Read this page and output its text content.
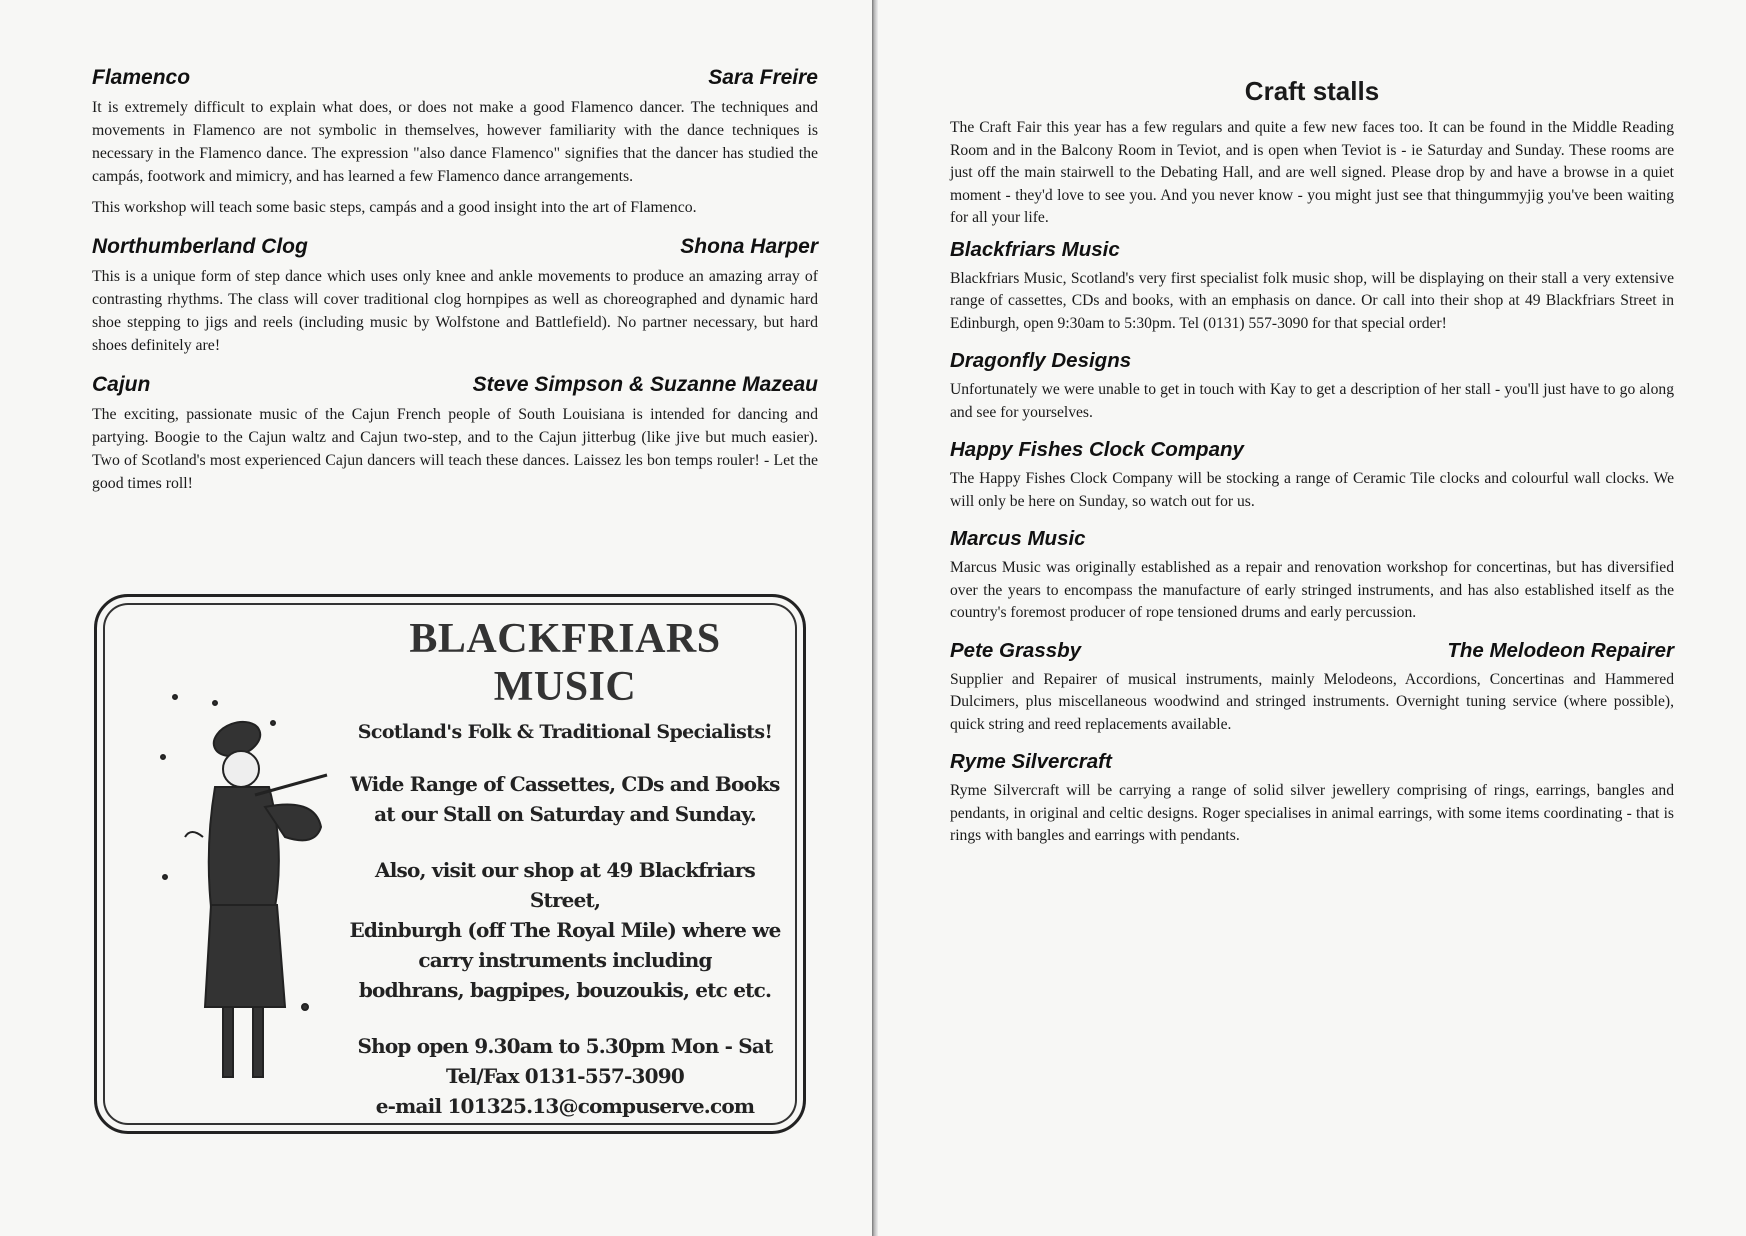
Flamenco	Sara Freire

It is extremely difficult to explain what does, or does not make a good Flamenco dancer. The techniques and movements in Flamenco are not symbolic in themselves, however familiarity with the dance techniques is necessary in the Flamenco dance. The expression "also dance Flamenco" signifies that the dancer has studied the campás, footwork and mimicry, and has learned a few Flamenco dance arrangements.

This workshop will teach some basic steps, campás and a good insight into the art of Flamenco.

Northumberland Clog	Shona Harper

This is a unique form of step dance which uses only knee and ankle movements to produce an amazing array of contrasting rhythms. The class will cover traditional clog hornpipes as well as choreographed and dynamic hard shoe stepping to jigs and reels (including music by Wolfstone and Battlefield). No partner necessary, but hard shoes definitely are!

Cajun	Steve Simpson & Suzanne Mazeau

The exciting, passionate music of the Cajun French people of South Louisiana is intended for dancing and partying. Boogie to the Cajun waltz and Cajun two-step, and to the Cajun jitterbug (like jive but much easier). Two of Scotland's most experienced Cajun dancers will teach these dances. Laissez les bon temps rouler! - Let the good times roll!

BLACKFRIARS MUSIC
Scotland's Folk & Traditional Specialists!
Wide Range of Cassettes, CDs and Books
at our Stall on Saturday and Sunday.
Also, visit our shop at 49 Blackfriars Street,
Edinburgh (off The Royal Mile) where we
carry instruments including
bodhrans, bagpipes, bouzoukis, etc etc.
Shop open 9.30am to 5.30pm Mon - Sat
Tel/Fax 0131-557-3090
e-mail 101325.13@compuserve.com
Craft stalls

The Craft Fair this year has a few regulars and quite a few new faces too. It can be found in the Middle Reading Room and in the Balcony Room in Teviot, and is open when Teviot is - ie Saturday and Sunday. These rooms are just off the main stairwell to the Debating Hall, and are well signed. Please drop by and have a browse in a quiet moment - they'd love to see you. And you never know - you might just see that thingummyjig you've been waiting for all your life.

Blackfriars Music

Blackfriars Music, Scotland's very first specialist folk music shop, will be displaying on their stall a very extensive range of cassettes, CDs and books, with an emphasis on dance. Or call into their shop at 49 Blackfriars Street in Edinburgh, open 9:30am to 5:30pm. Tel (0131) 557-3090 for that special order!

Dragonfly Designs

Unfortunately we were unable to get in touch with Kay to get a description of her stall - you'll just have to go along and see for yourselves.

Happy Fishes Clock Company

The Happy Fishes Clock Company will be stocking a range of Ceramic Tile clocks and colourful wall clocks. We will only be here on Sunday, so watch out for us.

Marcus Music

Marcus Music was originally established as a repair and renovation workshop for concertinas, but has diversified over the years to encompass the manufacture of early stringed instruments, and has also established itself as the country's foremost producer of rope tensioned drums and early percussion.

Pete Grassby	The Melodeon Repairer

Supplier and Repairer of musical instruments, mainly Melodeons, Accordions, Concertinas and Hammered Dulcimers, plus miscellaneous woodwind and stringed instruments. Overnight tuning service (where possible), quick string and reed replacements available.

Ryme Silvercraft

Ryme Silvercraft will be carrying a range of solid silver jewellery comprising of rings, earrings, bangles and pendants, in original and celtic designs. Roger specialises in animal earrings, with some items coordinating - that is rings with bangles and earrings with pendants.
